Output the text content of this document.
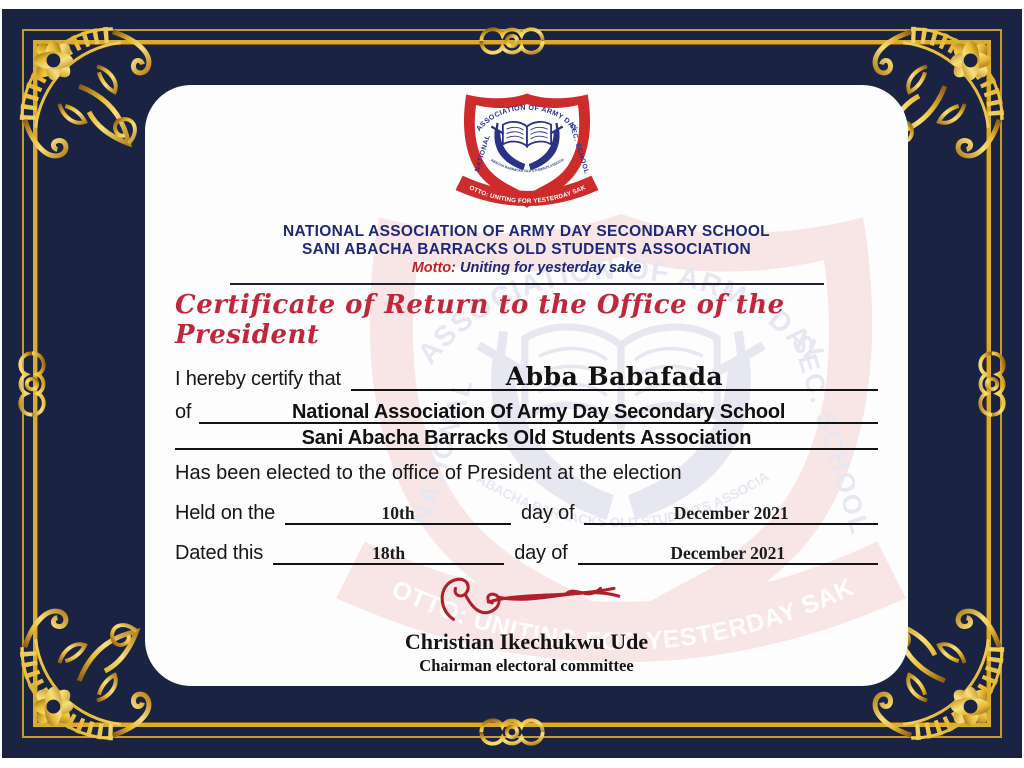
NATIONAL ASSOCIATION OF ARMY DAY SECONDARY SCHOOL
SANI ABACHA BARRACKS OLD STUDENTS ASSOCIATION
Motto: Uniting for yesterday sake
Certificate of Return to the Office of the President
I hereby certify that	Abba Babafada
of	National Association Of Army Day Secondary School
Sani Abacha Barracks Old Students Association
Has been elected to the office of President at the election
Held on the	10th	day of	December 2021
Dated this	18th	day of	December 2021
Christian Ikechukwu Ude
Chairman electoral committee
